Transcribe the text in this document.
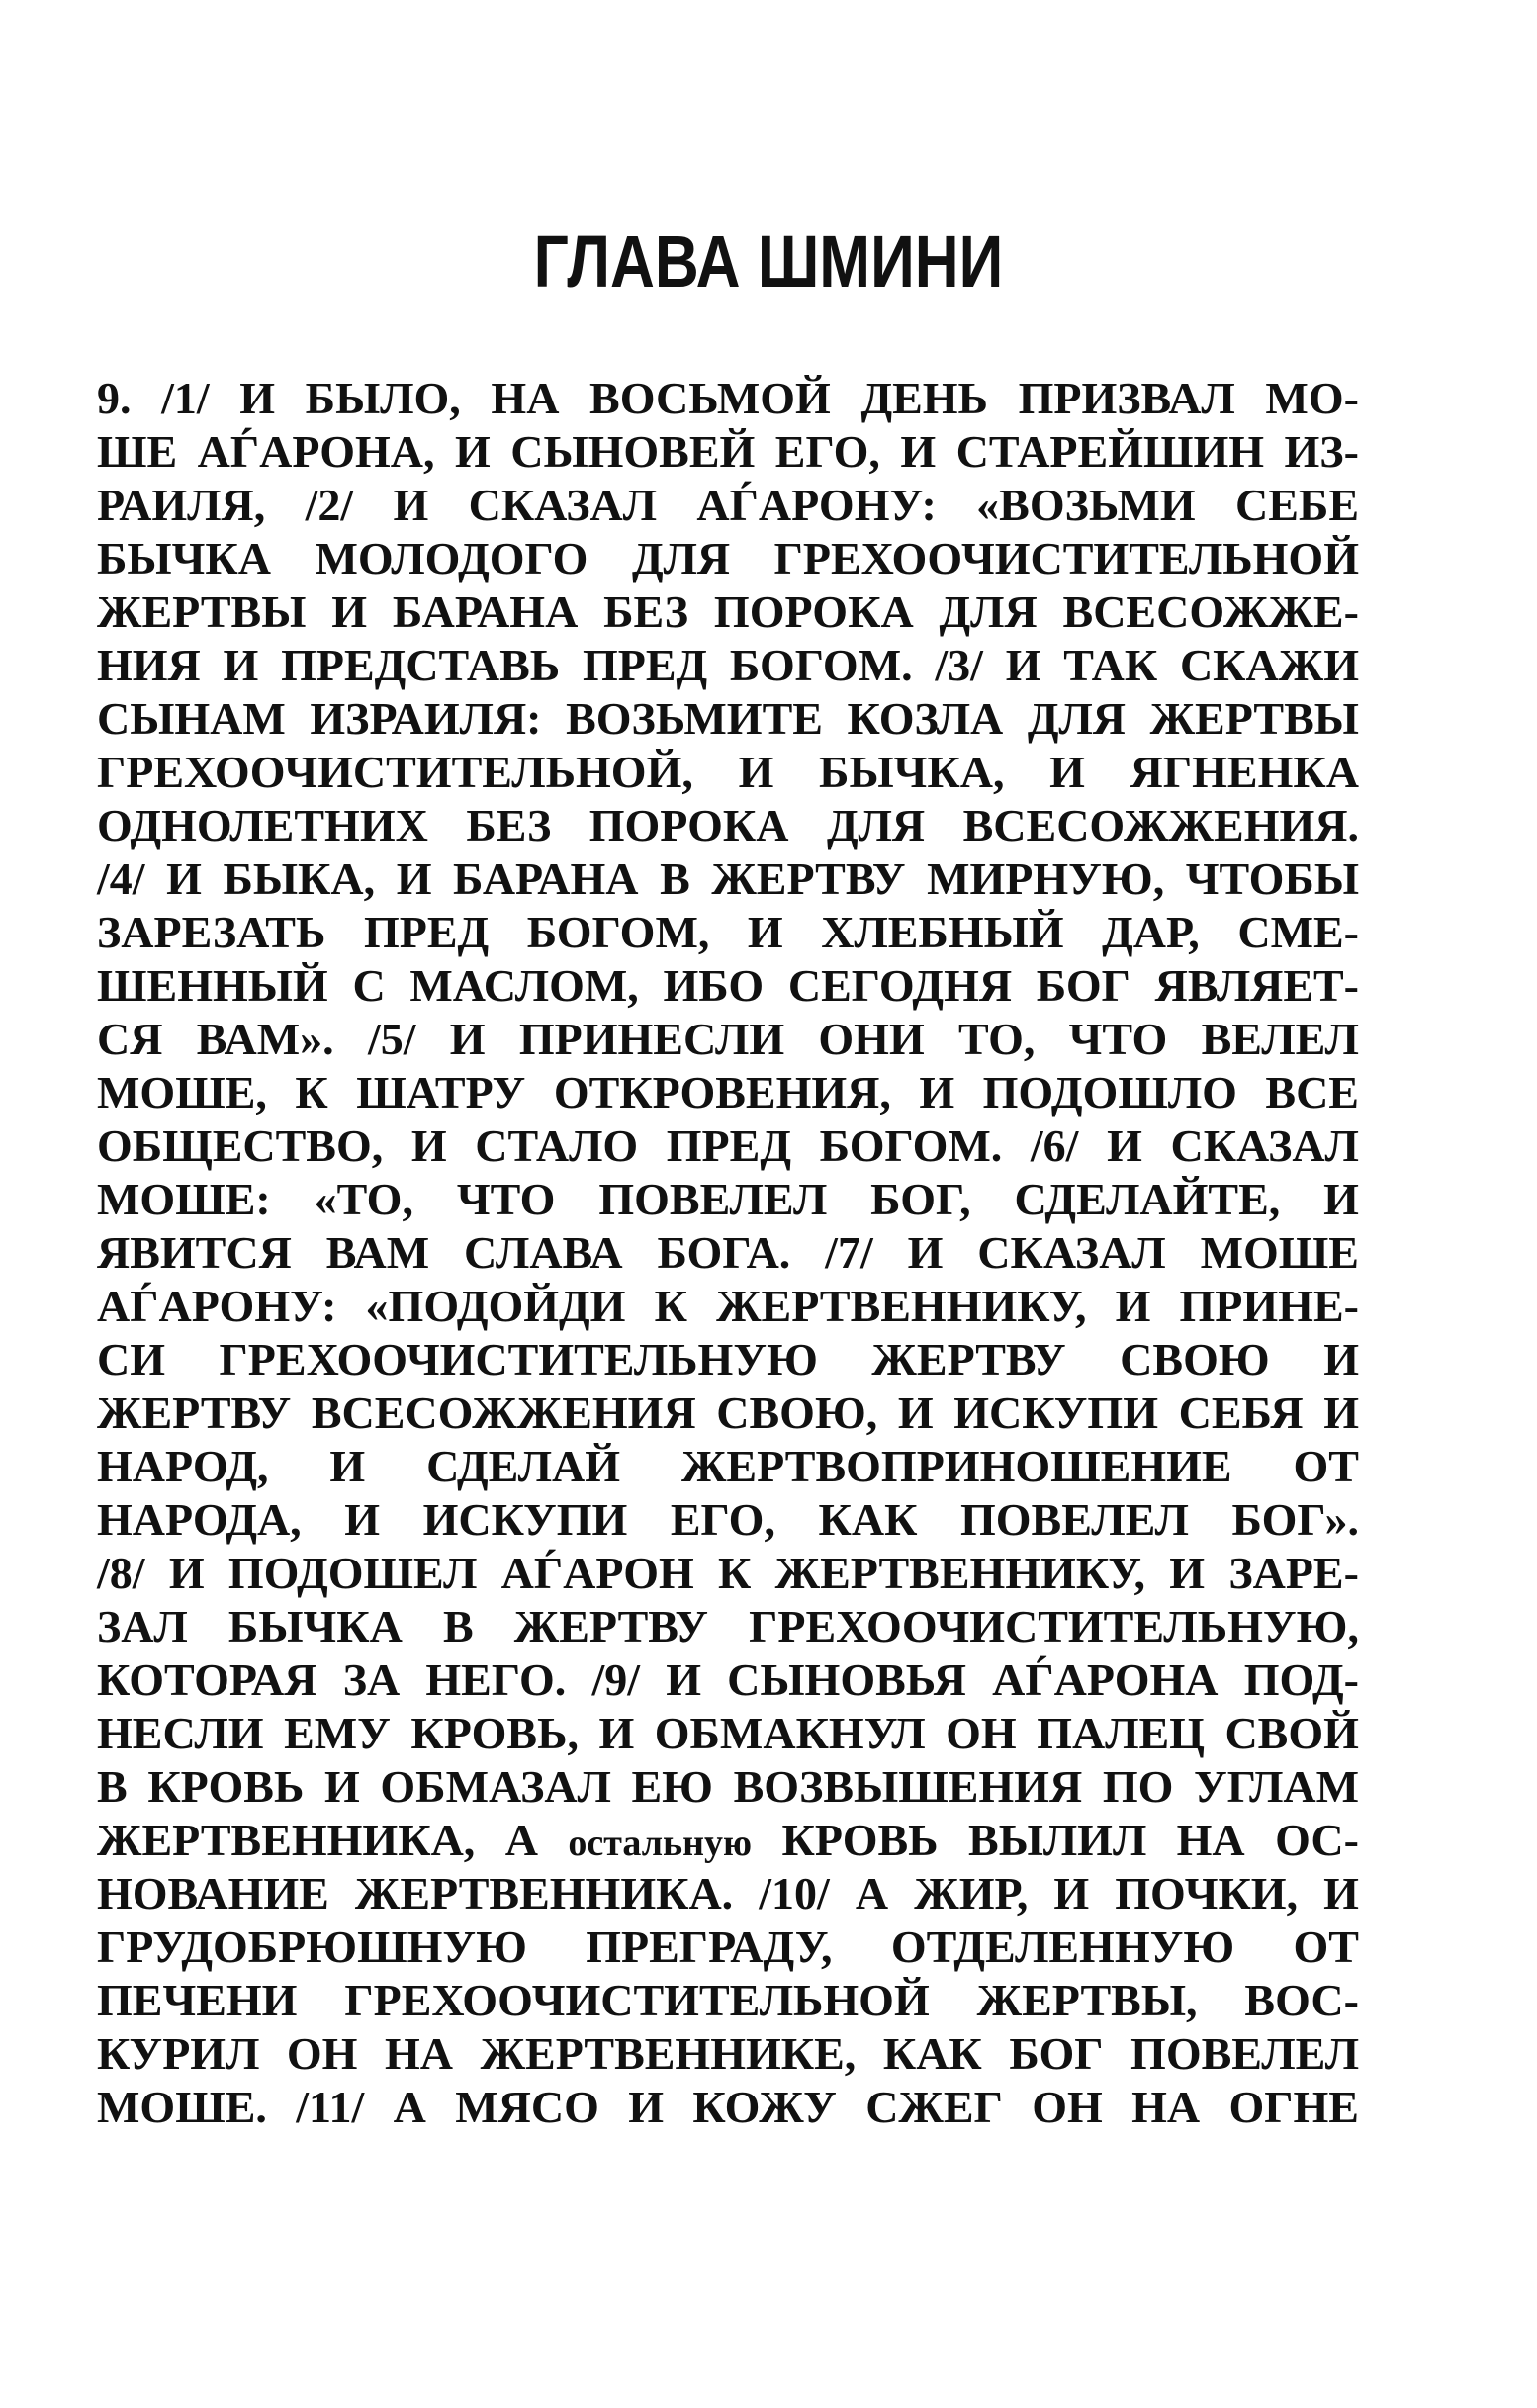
ГЛАВА ШМИНИ
9. /1/ И БЫЛО, НА ВОСЬМОЙ ДЕНЬ ПРИЗВАЛ МО-
ШЕ АЃАРОНА, И СЫНОВЕЙ ЕГО, И СТАРЕЙШИН ИЗ-
РАИЛЯ, /2/ И СКАЗАЛ АЃАРОНУ: «ВОЗЬМИ СЕБЕ
БЫЧКА МОЛОДОГО ДЛЯ ГРЕХООЧИСТИТЕЛЬНОЙ
ЖЕРТВЫ И БАРАНА БЕЗ ПОРОКА ДЛЯ ВСЕСОЖЖЕ-
НИЯ И ПРЕДСТАВЬ ПРЕД БОГОМ. /3/ И ТАК СКАЖИ
СЫНАМ ИЗРАИЛЯ: ВОЗЬМИТЕ КОЗЛА ДЛЯ ЖЕРТВЫ
ГРЕХООЧИСТИТЕЛЬНОЙ, И БЫЧКА, И ЯГНЕНКА
ОДНОЛЕТНИХ БЕЗ ПОРОКА ДЛЯ ВСЕСОЖЖЕНИЯ.
/4/ И БЫКА, И БАРАНА В ЖЕРТВУ МИРНУЮ, ЧТОБЫ
ЗАРЕЗАТЬ ПРЕД БОГОМ, И ХЛЕБНЫЙ ДАР, СМЕ-
ШЕННЫЙ С МАСЛОМ, ИБО СЕГОДНЯ БОГ ЯВЛЯЕТ-
СЯ ВАМ». /5/ И ПРИНЕСЛИ ОНИ ТО, ЧТО ВЕЛЕЛ
МОШЕ, К ШАТРУ ОТКРОВЕНИЯ, И ПОДОШЛО ВСЕ
ОБЩЕСТВО, И СТАЛО ПРЕД БОГОМ. /6/ И СКАЗАЛ
МОШЕ: «ТО, ЧТО ПОВЕЛЕЛ БОГ, СДЕЛАЙТЕ, И
ЯВИТСЯ ВАМ СЛАВА БОГА. /7/ И СКАЗАЛ МОШЕ
АЃАРОНУ: «ПОДОЙДИ К ЖЕРТВЕННИКУ, И ПРИНЕ-
СИ ГРЕХООЧИСТИТЕЛЬНУЮ ЖЕРТВУ СВОЮ И
ЖЕРТВУ ВСЕСОЖЖЕНИЯ СВОЮ, И ИСКУПИ СЕБЯ И
НАРОД, И СДЕЛАЙ ЖЕРТВОПРИНОШЕНИЕ ОТ
НАРОДА, И ИСКУПИ ЕГО, КАК ПОВЕЛЕЛ БОГ».
/8/ И ПОДОШЕЛ АЃАРОН К ЖЕРТВЕННИКУ, И ЗАРЕ-
ЗАЛ БЫЧКА В ЖЕРТВУ ГРЕХООЧИСТИТЕЛЬНУЮ,
КОТОРАЯ ЗА НЕГО. /9/ И СЫНОВЬЯ АЃАРОНА ПОД-
НЕСЛИ ЕМУ КРОВЬ, И ОБМАКНУЛ ОН ПАЛЕЦ СВОЙ
В КРОВЬ И ОБМАЗАЛ ЕЮ ВОЗВЫШЕНИЯ ПО УГЛАМ
ЖЕРТВЕННИКА, А остальную КРОВЬ ВЫЛИЛ НА ОС-
НОВАНИЕ ЖЕРТВЕННИКА. /10/ А ЖИР, И ПОЧКИ, И
ГРУДОБРЮШНУЮ ПРЕГРАДУ, ОТДЕЛЕННУЮ ОТ
ПЕЧЕНИ ГРЕХООЧИСТИТЕЛЬНОЙ ЖЕРТВЫ, ВОС-
КУРИЛ ОН НА ЖЕРТВЕННИКЕ, КАК БОГ ПОВЕЛЕЛ
МОШЕ. /11/ А МЯСО И КОЖУ СЖЕГ ОН НА ОГНЕ
